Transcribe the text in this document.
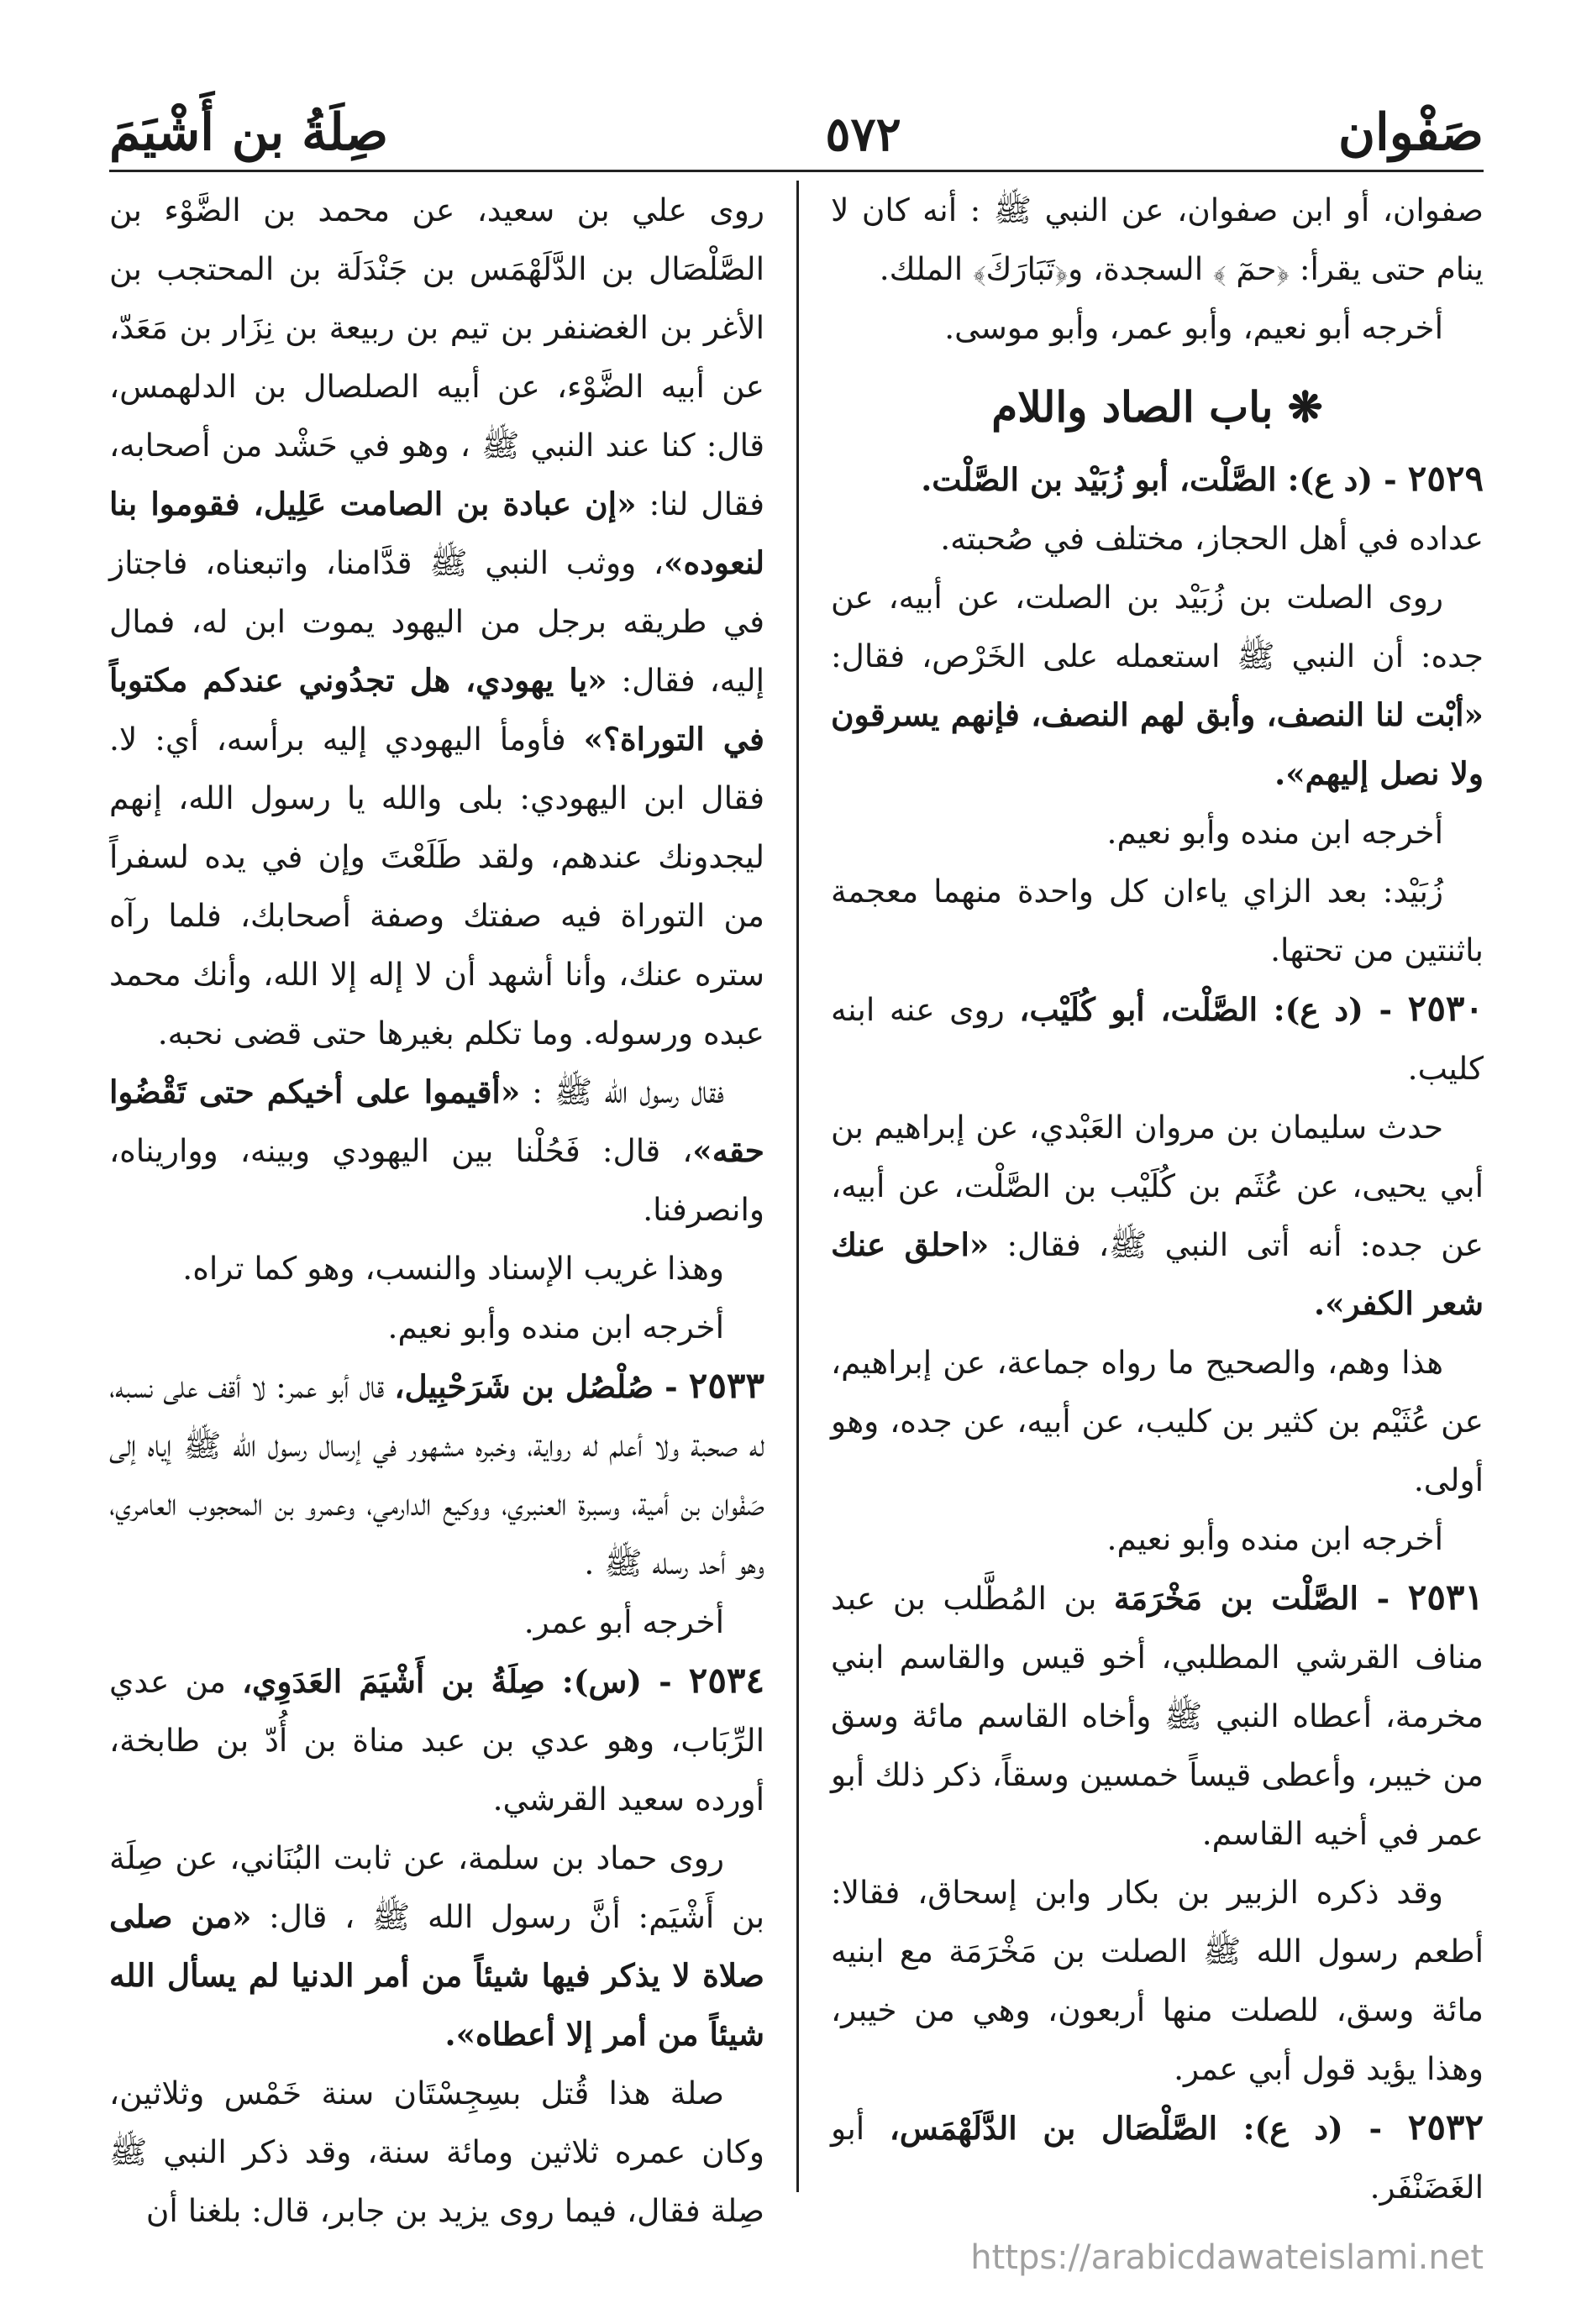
صَفْوان
٥٧٢
صِلَةُ بن أَشْيَمَ

صفوان، أو ابن صفوان، عن النبي ﷺ : أنه كان لا ينام حتى يقرأ: ﴿حمٓ ﴾ السجدة، و﴿تَبَارَكَ﴾ الملك.

أخرجه أبو نعيم، وأبو عمر، وأبو موسى.

❋ باب الصاد واللام

٢٥٢٩ - (د ع): الصَّلْت، أبو زُبَيْد بن الصَّلْت.

عداده في أهل الحجاز، مختلف في صُحبته.

روى الصلت بن زُبَيْد بن الصلت، عن أبيه، عن جده: أن النبي ﷺ استعمله على الخَرْص، فقال: «أبْت لنا النصف، وأبق لهم النصف، فإنهم يسرقون ولا نصل إليهم».

أخرجه ابن منده وأبو نعيم.

زُبَيْد: بعد الزاي ياءان كل واحدة منهما معجمة باثنتين من تحتها.

٢٥٣٠ - (د ع): الصَّلْت، أبو كُلَيْب، روى عنه ابنه كليب.

حدث سليمان بن مروان العَبْدي، عن إبراهيم بن أبي يحيى، عن عُثَم بن كُلَيْب بن الصَّلْت، عن أبيه، عن جده: أنه أتى النبي ﷺ، فقال: «احلق عنك شعر الكفر».

هذا وهم، والصحيح ما رواه جماعة، عن إبراهيم، عن عُثَيْم بن كثير بن كليب، عن أبيه، عن جده، وهو أولى.

أخرجه ابن منده وأبو نعيم.

٢٥٣١ - الصَّلْت بن مَخْرَمَة بن المُطَّلب بن عبد مناف القرشي المطلبي، أخو قيس والقاسم ابني مخرمة، أعطاه النبي ﷺ وأخاه القاسم مائة وسق من خيبر، وأعطى قيساً خمسين وسقاً، ذكر ذلك أبو عمر في أخيه القاسم.

وقد ذكره الزبير بن بكار وابن إسحاق، فقالا: أطعم رسول الله ﷺ الصلت بن مَخْرَمَة مع ابنيه مائة وسق، للصلت منها أربعون، وهي من خيبر، وهذا يؤيد قول أبي عمر.

٢٥٣٢ - (د ع): الصَّلْصَال بن الدَّلَهْمَس، أبو الغَضَنْفَر.

روى علي بن سعيد، عن محمد بن الضَّوْء بن الصَّلْصَال بن الدَّلَهْمَس بن جَنْدَلَة بن المحتجب بن الأغر بن الغضنفر بن تيم بن ربيعة بن نِزَار بن مَعَدّ، عن أبيه الضَّوْء، عن أبيه الصلصال بن الدلهمس، قال: كنا عند النبي ﷺ ، وهو في حَشْد من أصحابه، فقال لنا: «إن عبادة بن الصامت عَلِيل، فقوموا بنا لنعوده»، ووثب النبي ﷺ قدَّامنا، واتبعناه، فاجتاز في طريقه برجل من اليهود يموت ابن له، فمال إليه، فقال: «يا يهودي، هل تجدُوني عندكم مكتوباً في التوراة؟» فأومأ اليهودي إليه برأسه، أي: لا. فقال ابن اليهودي: بلى والله يا رسول الله، إنهم ليجدونك عندهم، ولقد طَلَعْتَ وإن في يده لسفراً من التوراة فيه صفتك وصفة أصحابك، فلما رآه ستره عنك، وأنا أشهد أن لا إله إلا الله، وأنك محمد عبده ورسوله. وما تكلم بغيرها حتى قضى نحبه.

فقال رسول الله ﷺ : «أقيموا على أخيكم حتى تَقْضُوا حقه»، قال: فَحُلْنا بين اليهودي وبينه، وواريناه، وانصرفنا.

وهذا غريب الإسناد والنسب، وهو كما تراه.

أخرجه ابن منده وأبو نعيم.

٢٥٣٣ - صُلْصُل بن شَرَحْبِيل، قال أبو عمر: لا أقف على نسبه، له صحبة ولا أعلم له رواية، وخبره مشهور في إرسال رسول الله ﷺ إياه إلى صَفْوان بن أمية، وسبرة العنبري، ووكيع الدارمي، وعمرو بن المحجوب العامري، وهو أحد رسله ﷺ .

أخرجه أبو عمر.

٢٥٣٤ - (س): صِلَةُ بن أَشْيَمَ العَدَوِي، من عدي الرِّبَاب، وهو عدي بن عبد مناة بن أُدّ بن طابخة، أورده سعيد القرشي.

روى حماد بن سلمة، عن ثابت البُنَاني، عن صِلَة بن أَشْيَم: أنَّ رسول الله ﷺ ، قال: «من صلى صلاة لا يذكر فيها شيئاً من أمر الدنيا لم يسأل الله شيئاً من أمر إلا أعطاه».

صلة هذا قُتل بسِجِسْتَان سنة خَمْس وثلاثين، وكان عمره ثلاثين ومائة سنة، وقد ذكر النبي ﷺ صِلة فقال، فيما روى يزيد بن جابر، قال: بلغنا أن

https://arabicdawateislami.net
